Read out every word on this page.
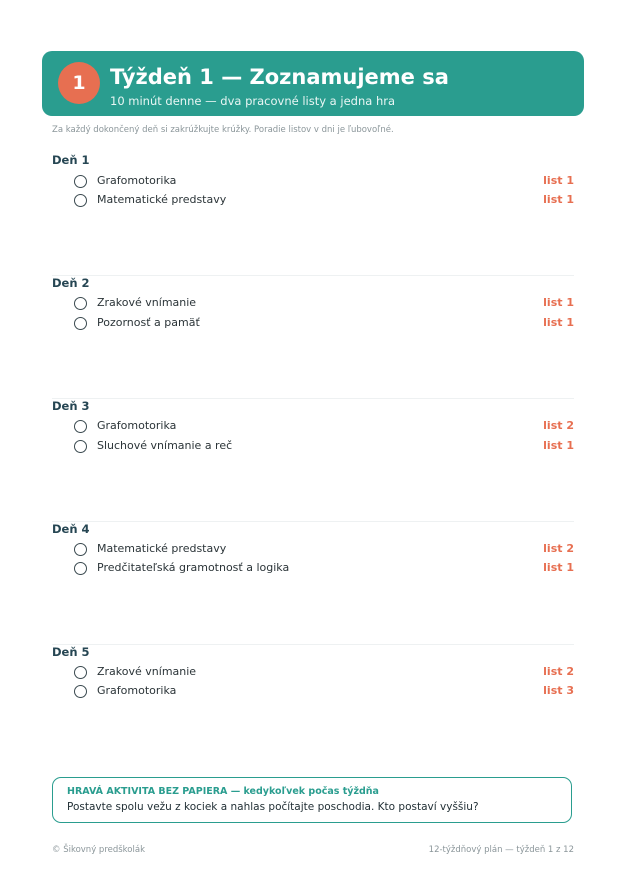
1	Týždeň 1 — Zoznamujeme sa
10 minút denne — dva pracovné listy a jedna hra
Za každý dokončený deň si zakrúžkujte krúžky. Poradie listov v dni je ľubovoľné.
Deň 1
Grafomotorika	list 1
Matematické predstavy	list 1
Deň 2
Zrakové vnímanie	list 1
Pozornosť a pamäť	list 1
Deň 3
Grafomotorika	list 2
Sluchové vnímanie a reč	list 1
Deň 4
Matematické predstavy	list 2
Predčitateľská gramotnosť a logika	list 1
Deň 5
Zrakové vnímanie	list 2
Grafomotorika	list 3
HRAVÁ AKTIVITA BEZ PAPIERA — kedykoľvek počas týždňa
Postavte spolu vežu z kociek a nahlas počítajte poschodia. Kto postaví vyššiu?
© Šikovný predškolák	12-týždňový plán — týždeň 1 z 12
